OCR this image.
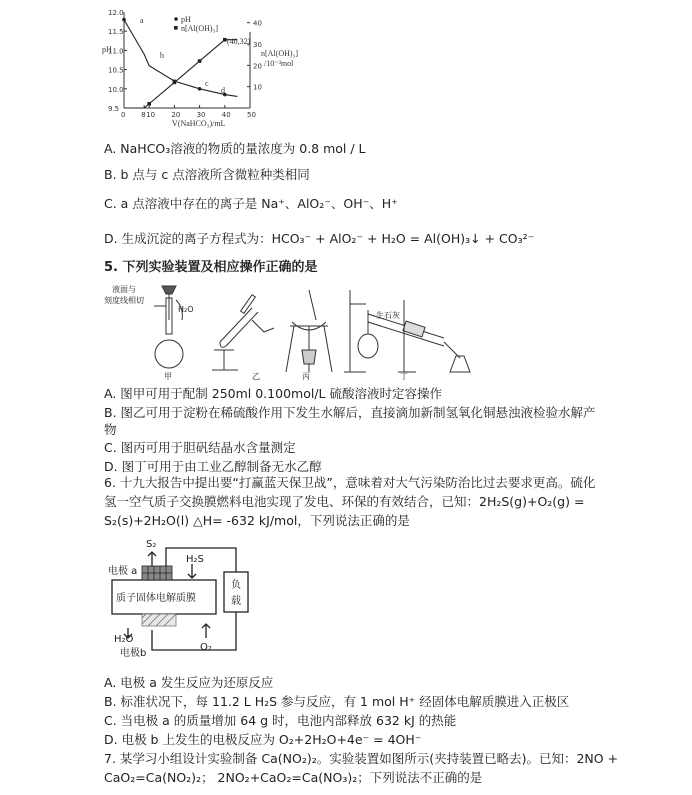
11.5
11.0
10.5
10.0
9.5
12.0
0 8 10 20 30 40 50
40
30
20
10
pH
V(NaHCO₃)/mL
n[Al(OH)₃]
/10⁻³mol
(40,32)
pH
n[Al(OH)₃]
a
b
c
d
A. NaHCO₃溶液的物质的量浓度为 0.8 mol / L
B. b 点与 c 点溶液所含微粒种类相同
C. a 点溶液中存在的离子是 Na⁺、AlO₂⁻、OH⁻、H⁺
D. 生成沉淀的离子方程式为：HCO₃⁻ + AlO₂⁻ + H₂O = Al(OH)₃↓ + CO₃²⁻
5. 下列实验装置及相应操作正确的是
液面与
刻度线相切
H₂O
甲	乙	丙
生石灰
丁
A. 图甲可用于配制 250ml 0.100mol/L 硫酸溶液时定容操作
B. 图乙可用于淀粉在稀硫酸作用下发生水解后，直接滴加新制氢氧化铜悬浊液检验水解产
物
C. 图丙可用于胆矾结晶水含量测定
D. 图丁可用于由工业乙醇制备无水乙醇
6. 十九大报告中提出要“打赢蓝天保卫战”，意味着对大气污染防治比过去要求更高。硫化
氢一空气质子交换膜燃料电池实现了发电、环保的有效结合，已知：2H₂S(g)+O₂(g) =
S₂(s)+2H₂O(l) △H= -632 kJ/mol，下列说法正确的是
S₂
H₂S
电极 a
质子固体电解质膜
负
载
H₂O
O₂
电极b
A. 电极 a 发生反应为还原反应
B. 标准状况下，每 11.2 L H₂S 参与反应，有 1 mol H⁺ 经固体电解质膜进入正极区
C. 当电极 a 的质量增加 64 g 时，电池内部释放 632 kJ 的热能
D. 电极 b 上发生的电极反应为 O₂+2H₂O+4e⁻ = 4OH⁻
7. 某学习小组设计实验制备 Ca(NO₂)₂。实验装置如图所示(夹持装置已略去)。已知：2NO +
CaO₂=Ca(NO₂)₂； 2NO₂+CaO₂=Ca(NO₃)₂；下列说法不正确的是
